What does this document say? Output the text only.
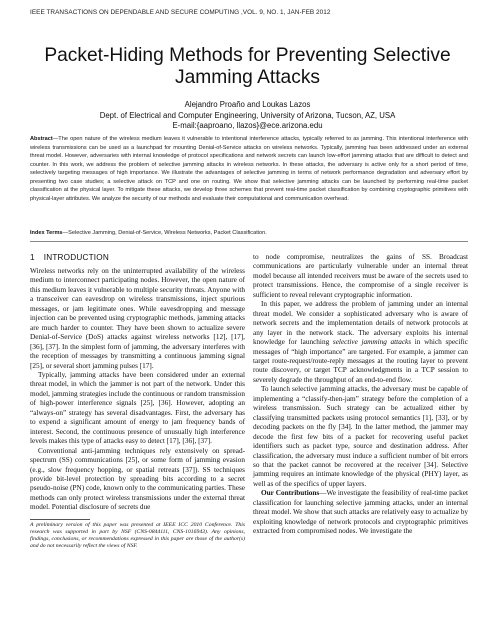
IEEE TRANSACTIONS ON DEPENDABLE AND SECURE COMPUTING ,VOL. 9, NO. 1, JAN-FEB 2012
Packet-Hiding Methods for Preventing Selective
Jamming Attacks
Alejandro Proaño and Loukas Lazos
Dept. of Electrical and Computer Engineering, University of Arizona, Tucson, AZ, USA
E-mail:{aaproano, llazos}@ece.arizona.edu
Abstract—The open nature of the wireless medium leaves it vulnerable to intentional interference attacks, typically referred to as jamming. This intentional interference with wireless transmissions can be used as a launchpad for mounting Denial-of-Service attacks on wireless networks. Typically, jamming has been addressed under an external threat model. However, adversaries with internal knowledge of protocol specifications and network secrets can launch low-effort jamming attacks that are difficult to detect and counter. In this work, we address the problem of selective jamming attacks in wireless networks. In these attacks, the adversary is active only for a short period of time, selectively targeting messages of high importance. We illustrate the advantages of selective jamming in terms of network performance degradation and adversary effort by presenting two case studies; a selective attack on TCP and one on routing. We show that selective jamming attacks can be launched by performing real-time packet classification at the physical layer. To mitigate these attacks, we develop three schemes that prevent real-time packet classification by combining cryptographic primitives with physical-layer attributes. We analyze the security of our methods and evaluate their computational and communication overhead.
Index Terms—Selective Jamming, Denial-of-Service, Wireless Networks, Packet Classification.
1 INTRODUCTION

Wireless networks rely on the uninterrupted availability of the wireless medium to interconnect participating nodes. However, the open nature of this medium leaves it vulnerable to multiple security threats. Anyone with a transceiver can eavesdrop on wireless transmissions, inject spurious messages, or jam legitimate ones. While eavesdropping and message injection can be prevented using cryptographic methods, jamming attacks are much harder to counter. They have been shown to actualize severe Denial-of-Service (DoS) attacks against wireless networks [12], [17], [36], [37]. In the simplest form of jamming, the adversary interferes with the reception of messages by transmitting a continuous jamming signal [25], or several short jamming pulses [17].

Typically, jamming attacks have been considered under an external threat model, in which the jammer is not part of the network. Under this model, jamming strategies include the continuous or random transmission of high-power interference signals [25], [36]. However, adopting an “always-on” strategy has several disadvantages. First, the adversary has to expend a significant amount of energy to jam frequency bands of interest. Second, the continuous presence of unusually high interference levels makes this type of attacks easy to detect [17], [36], [37].

Conventional anti-jamming techniques rely extensively on spread-spectrum (SS) communications [25], or some form of jamming evasion (e.g., slow frequency hopping, or spatial retreats [37]). SS techniques provide bit-level protection by spreading bits according to a secret pseudo-noise (PN) code, known only to the communicating parties. These methods can only protect wireless transmissions under the external threat model. Potential disclosure of secrets due

A preliminary version of this paper was presented at IEEE ICC 2010 Conference. This research was supported in part by NSF (CNS-0844111, CNS-1016943). Any opinions, findings, conclusions, or recommendations expressed in this paper are those of the author(s) and do not necessarily reflect the views of NSF.

to node compromise, neutralizes the gains of SS. Broadcast communications are particularly vulnerable under an internal threat model because all intended receivers must be aware of the secrets used to protect transmissions. Hence, the compromise of a single receiver is sufficient to reveal relevant cryptographic information.

In this paper, we address the problem of jamming under an internal threat model. We consider a sophisticated adversary who is aware of network secrets and the implementation details of network protocols at any layer in the network stack. The adversary exploits his internal knowledge for launching selective jamming attacks in which specific messages of “high importance” are targeted. For example, a jammer can target route-request/route-reply messages at the routing layer to prevent route discovery, or target TCP acknowledgments in a TCP session to severely degrade the throughput of an end-to-end flow.

To launch selective jamming attacks, the adversary must be capable of implementing a “classify-then-jam” strategy before the completion of a wireless transmission. Such strategy can be actualized either by classifying transmitted packets using protocol semantics [1], [33], or by decoding packets on the fly [34]. In the latter method, the jammer may decode the first few bits of a packet for recovering useful packet identifiers such as packet type, source and destination address. After classification, the adversary must induce a sufficient number of bit errors so that the packet cannot be recovered at the receiver [34]. Selective jamming requires an intimate knowledge of the physical (PHY) layer, as well as of the specifics of upper layers.

Our Contributions—We investigate the feasibility of real-time packet classification for launching selective jamming attacks, under an internal threat model. We show that such attacks are relatively easy to actualize by exploiting knowledge of network protocols and cryptographic primitives extracted from compromised nodes. We investigate the
